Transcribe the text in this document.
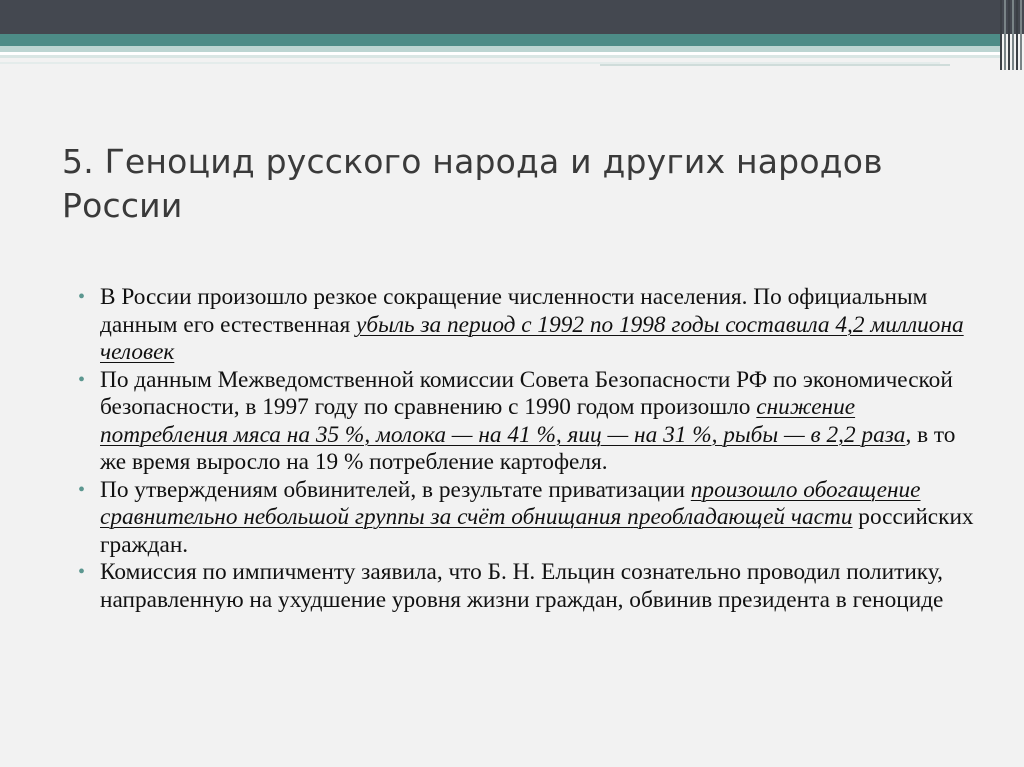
5. Геноцид русского народа и других народов России
• В России произошло резкое сокращение численности населения. По официальным данным его естественная убыль за период с 1992 по 1998 годы составила 4,2 миллиона человек
• По данным Межведомственной комиссии Совета Безопасности РФ по экономической безопасности, в 1997 году по сравнению с 1990 годом произошло снижение потребления мяса на 35 %, молока — на 41 %, яиц — на 31 %, рыбы — в 2,2 раза, в то же время выросло на 19 % потребление картофеля.
• По утверждениям обвинителей, в результате приватизации произошло обогащение сравнительно небольшой группы за счёт обнищания преобладающей части российских граждан.
• Комиссия по импичменту заявила, что Б. Н. Ельцин сознательно проводил политику, направленную на ухудшение уровня жизни граждан, обвинив президента в геноциде
